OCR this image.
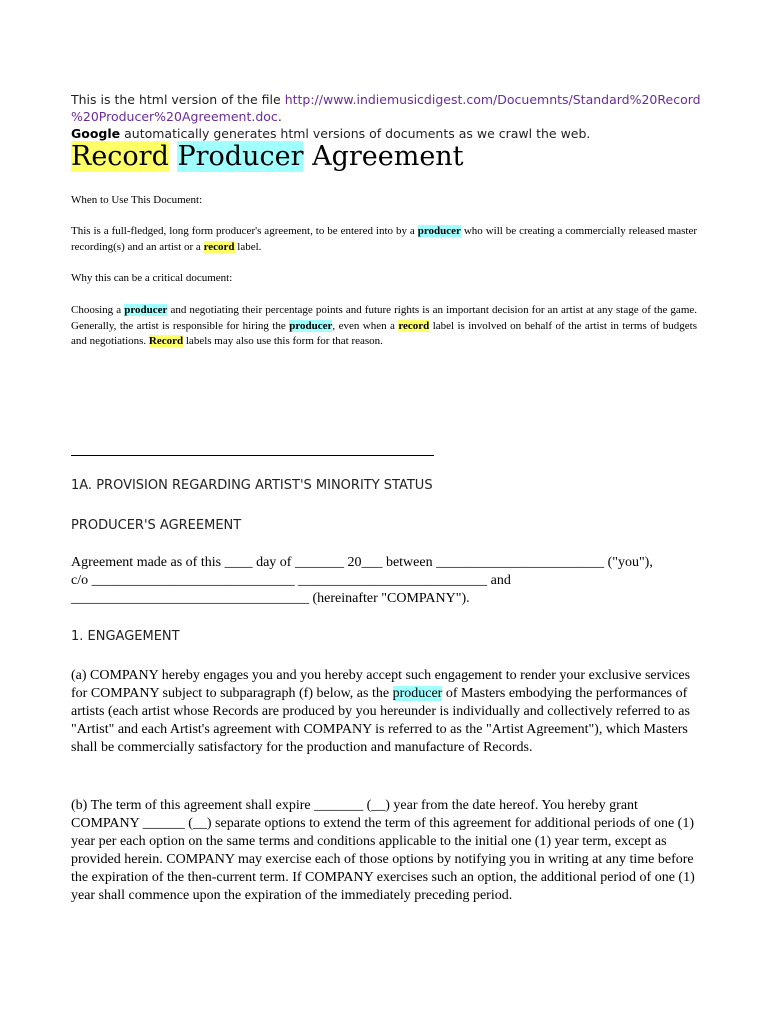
This is the html version of the file http://www.indiemusicdigest.com/Docuemnts/Standard%20Record
%20Producer%20Agreement.doc.
Google automatically generates html versions of documents as we crawl the web.
Record Producer Agreement
When to Use This Document:
This is a full-fledged, long form producer's agreement, to be entered into by a producer who will be creating a commercially released master recording(s) and an artist or a record label.
Why this can be a critical document:
Choosing a producer and negotiating their percentage points and future rights is an important decision for an artist at any stage of the game. Generally, the artist is responsible for hiring the producer, even when a record label is involved on behalf of the artist in terms of budgets and negotiations. Record labels may also use this form for that reason.
1A. PROVISION REGARDING ARTIST'S MINORITY STATUS
PRODUCER'S AGREEMENT
Agreement made as of this ____ day of _______ 20___ between ________________________ ("you"),
c/o _____________________________ ___________________________ and
__________________________________ (hereinafter "COMPANY").
1. ENGAGEMENT
(a) COMPANY hereby engages you and you hereby accept such engagement to render your exclusive services for COMPANY subject to subparagraph (f) below, as the producer of Masters embodying the performances of artists (each artist whose Records are produced by you hereunder is individually and collectively referred to as "Artist" and each Artist's agreement with COMPANY is referred to as the "Artist Agreement"), which Masters shall be commercially satisfactory for the production and manufacture of Records.
(b) The term of this agreement shall expire _______ (__) year from the date hereof. You hereby grant COMPANY ______ (__) separate options to extend the term of this agreement for additional periods of one (1) year per each option on the same terms and conditions applicable to the initial one (1) year term, except as provided herein. COMPANY may exercise each of those options by notifying you in writing at any time before the expiration of the then-current term. If COMPANY exercises such an option, the additional period of one (1) year shall commence upon the expiration of the immediately preceding period.
